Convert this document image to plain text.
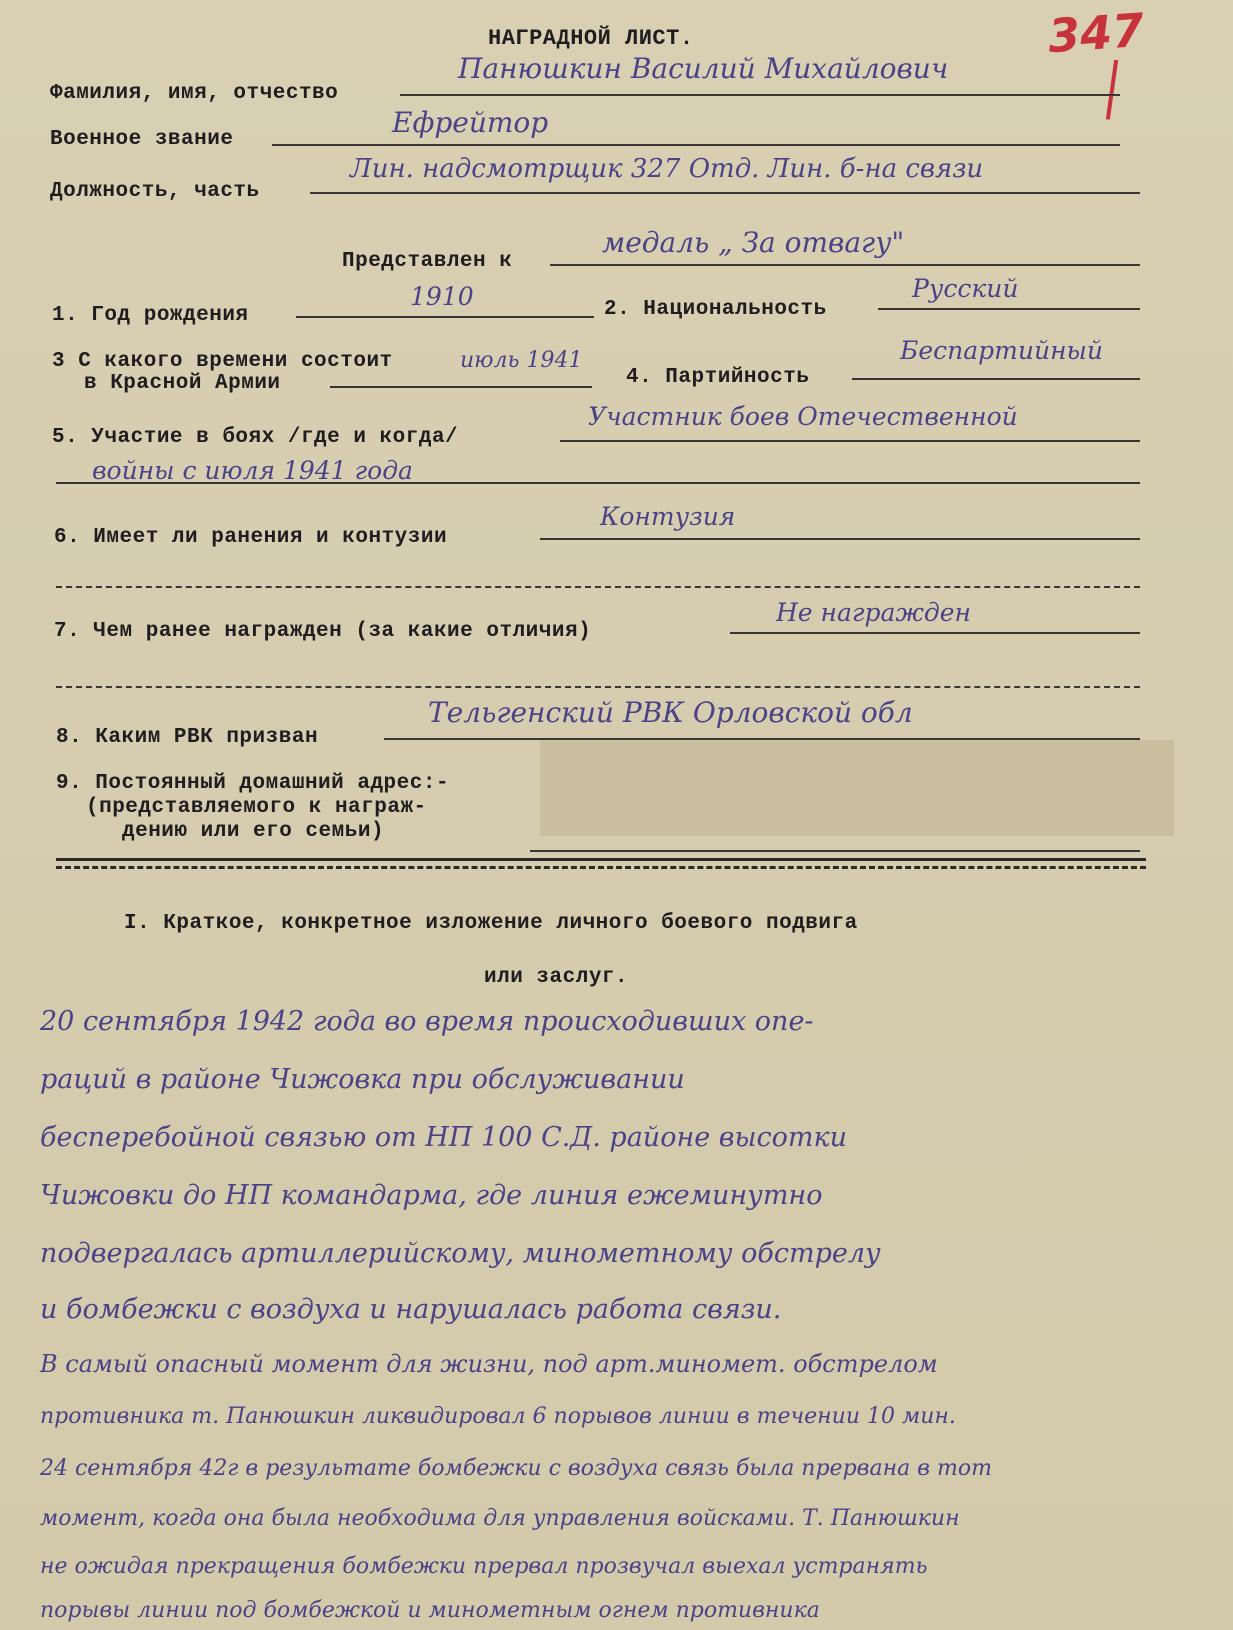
НАГРАДНОЙ ЛИСТ.	347
Фамилия, имя, отчество
Панюшкин Василий Михайлович
Военное звание
Ефрейтор
Должность, часть
Лин. надсмотрщик 327 Отд. Лин. б-на связи
Представлен к
медаль „ За отвагу"
1. Год рождения
1910	2. Национальность
Русский
3 С какого времени состоит
в Красной Армии
июль 1941
4. Партийность
Беспартийный
5. Участие в боях /где и когда/
Участник боев Отечественной
войны с июля 1941 года
6. Имеет ли ранения и контузии
Контузия
7. Чем ранее награжден (за какие отличия)
Не награжден
8. Каким РВК призван
Тельгенский РВК Орловской обл
9. Постоянный домашний адрес:-
(представляемого к награж-
дению или его семьи)
I. Краткое, конкретное изложение личного боевого подвига
или заслуг.
20 сентября 1942 года во время происходивших опе-
раций в районе Чижовка при обслуживании
бесперебойной связью от НП 100 С.Д. районе высотки
Чижовки до НП командарма, где линия ежеминутно
подвергалась артиллерийскому, минометному обстрелу
и бомбежки с воздуха и нарушалась работа связи.
В самый опасный момент для жизни, под арт.миномет. обстрелом
противника т. Панюшкин ликвидировал 6 порывов линии в течении 10 мин.
24 сентября 42г в результате бомбежки с воздуха связь была прервана в тот
момент, когда она была необходима для управления войсками. Т. Панюшкин
не ожидая прекращения бомбежки прервал прозвучал выехал устранять
порывы линии под бомбежкой и минометным огнем противника
